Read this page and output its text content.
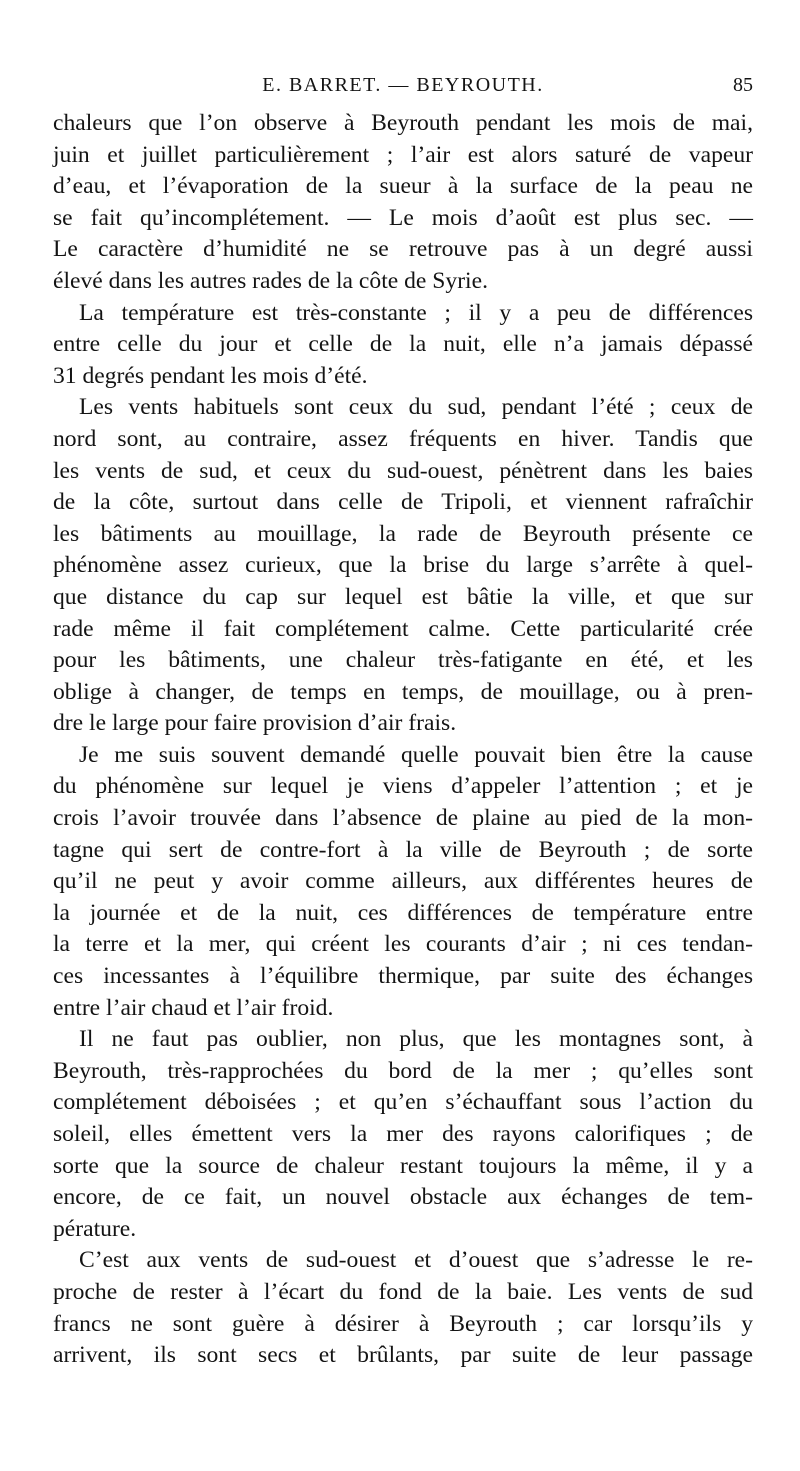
E. BARRET. — BEYROUTH.	85
chaleurs que l’on observe à Beyrouth pendant les mois de mai,
juin et juillet particulièrement ; l’air est alors saturé de vapeur
d’eau, et l’évaporation de la sueur à la surface de la peau ne
se fait qu’incomplétement. — Le mois d’août est plus sec. —
Le caractère d’humidité ne se retrouve pas à un degré aussi
élevé dans les autres rades de la côte de Syrie.
La température est très-constante ; il y a peu de différences
entre celle du jour et celle de la nuit, elle n’a jamais dépassé
31 degrés pendant les mois d’été.
Les vents habituels sont ceux du sud, pendant l’été ; ceux de
nord sont, au contraire, assez fréquents en hiver. Tandis que
les vents de sud, et ceux du sud-ouest, pénètrent dans les baies
de la côte, surtout dans celle de Tripoli, et viennent rafraîchir
les bâtiments au mouillage, la rade de Beyrouth présente ce
phénomène assez curieux, que la brise du large s’arrête à quel-
que distance du cap sur lequel est bâtie la ville, et que sur
rade même il fait complétement calme. Cette particularité crée
pour les bâtiments, une chaleur très-fatigante en été, et les
oblige à changer, de temps en temps, de mouillage, ou à pren-
dre le large pour faire provision d’air frais.
Je me suis souvent demandé quelle pouvait bien être la cause
du phénomène sur lequel je viens d’appeler l’attention ; et je
crois l’avoir trouvée dans l’absence de plaine au pied de la mon-
tagne qui sert de contre-fort à la ville de Beyrouth ; de sorte
qu’il ne peut y avoir comme ailleurs, aux différentes heures de
la journée et de la nuit, ces différences de température entre
la terre et la mer, qui créent les courants d’air ; ni ces tendan-
ces incessantes à l’équilibre thermique, par suite des échanges
entre l’air chaud et l’air froid.
Il ne faut pas oublier, non plus, que les montagnes sont, à
Beyrouth, très-rapprochées du bord de la mer ; qu’elles sont
complétement déboisées ; et qu’en s’échauffant sous l’action du
soleil, elles émettent vers la mer des rayons calorifiques ; de
sorte que la source de chaleur restant toujours la même, il y a
encore, de ce fait, un nouvel obstacle aux échanges de tem-
pérature.
C’est aux vents de sud-ouest et d’ouest que s’adresse le re-
proche de rester à l’écart du fond de la baie. Les vents de sud
francs ne sont guère à désirer à Beyrouth ; car lorsqu’ils y
arrivent, ils sont secs et brûlants, par suite de leur passage
